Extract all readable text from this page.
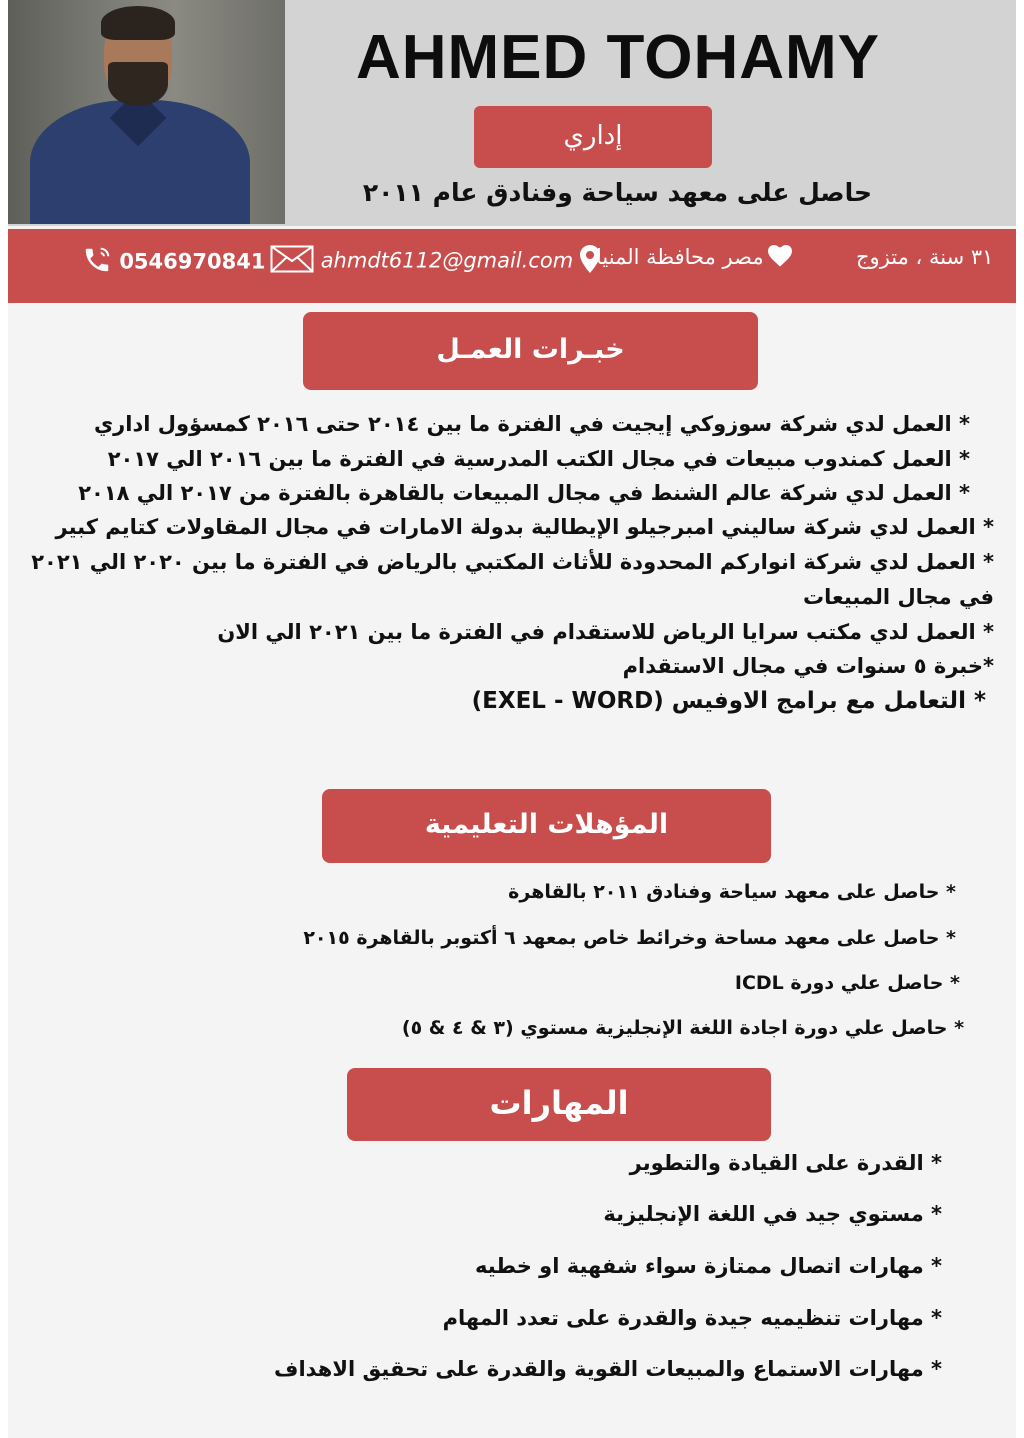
AHMED TOHAMY
إداري
حاصل على معهد سياحة وفنادق عام ٢٠١١
0546970841	ahmdt6112@gmail.com	مصر محافظة المنيا	٣١ سنة ، متزوج
خبـرات العمـل
* العمل لدي شركة سوزوكي إيجيت في الفترة ما بين ٢٠١٤ حتى ٢٠١٦ كمسؤول اداري
* العمل كمندوب مبيعات في مجال الكتب المدرسية في الفترة ما بين ٢٠١٦ الي ٢٠١٧
* العمل لدي شركة عالم الشنط في مجال المبيعات بالقاهرة بالفترة من ٢٠١٧ الي ٢٠١٨
* العمل لدي شركة ساليني امبرجيلو الإيطالية بدولة الامارات في مجال المقاولات كتايم كبير
* العمل لدي شركة انواركم المحدودة للأثاث المكتبي بالرياض في الفترة ما بين ٢٠٢٠ الي ٢٠٢١
في مجال المبيعات
* العمل لدي مكتب سرايا الرياض للاستقدام في الفترة ما بين ٢٠٢١ الي الان
*خبرة ٥ سنوات في مجال الاستقدام
* التعامل مع برامج الاوفيس (EXEL - WORD)
المؤهلات التعليمية
* حاصل على معهد سياحة وفنادق ٢٠١١ بالقاهرة
* حاصل على معهد مساحة وخرائط خاص بمعهد ٦ أكتوبر بالقاهرة ٢٠١٥
* حاصل علي دورة ICDL
* حاصل علي دورة اجادة اللغة الإنجليزية مستوي (٣ & ٤ & ٥)
المهارات
* القدرة على القيادة والتطوير
* مستوي جيد في اللغة الإنجليزية
* مهارات اتصال ممتازة سواء شفهية او خطيه
* مهارات تنظيميه جيدة والقدرة على تعدد المهام
* مهارات الاستماع والمبيعات القوية والقدرة على تحقيق الاهداف
